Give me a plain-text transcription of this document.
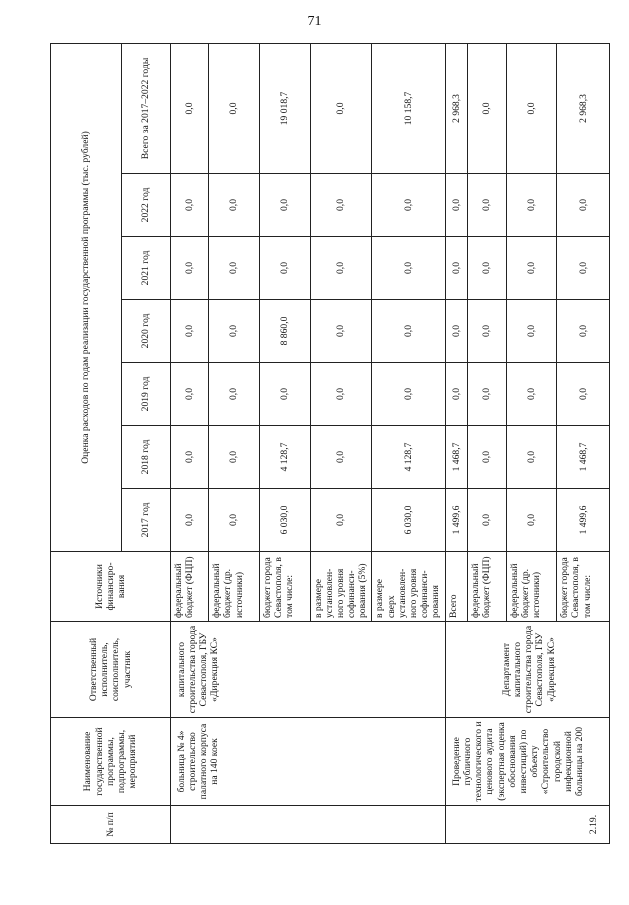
71
№ п/п	Наименование государственной программы, подпрограммы, мероприятий	Ответственный исполнитель, соисполнитель, участник	Источники финансиро-вания	Оценка расходов по годам реализации государственной программы (тыс. рублей)						
				2017 год	2018 год	2019 год	2020 год	2021 год	2022 год	Всего за 2017–2022 годы
	больница № 4» строительство палатного корпуса на 140 коек	капитального строительства города Севастополя, ГБУ «Дирекция КС»	федеральный бюджет (ФЦП)	0,0	0,0	0,0	0,0	0,0	0,0	0,0
			федеральный бюджет (др. источники)	0,0	0,0	0,0	0,0	0,0	0,0	0,0
			бюджет города Севастополя, в том числе:	6 030,0	4 128,7	0,0	8 860,0	0,0	0,0	19 018,7
			в размере установлен-ного уровня софинанси-рования (5%)	0,0	0,0	0,0	0,0	0,0	0,0	0,0
			в размере сверх установлен-ного уровня софинанси-рования	6 030,0	4 128,7	0,0	0,0	0,0	0,0	10 158,7
2.19.	Проведение публичного технологического и ценового аудита (экспертная оценка обоснования инвестиций) по объекту «Строительство городской инфекционной больницы на 200	Департамент капитального строительства города Севастополя, ГБУ «Дирекция КС»	Всего	1 499,6	1 468,7	0,0	0,0	0,0	0,0	2 968,3
			федеральный бюджет (ФЦП)	0,0	0,0	0,0	0,0	0,0	0,0	0,0
			федеральный бюджет (др. источники)	0,0	0,0	0,0	0,0	0,0	0,0	0,0
			бюджет города Севастополя, в том числе:	1 499,6	1 468,7	0,0	0,0	0,0	0,0	2 968,3
